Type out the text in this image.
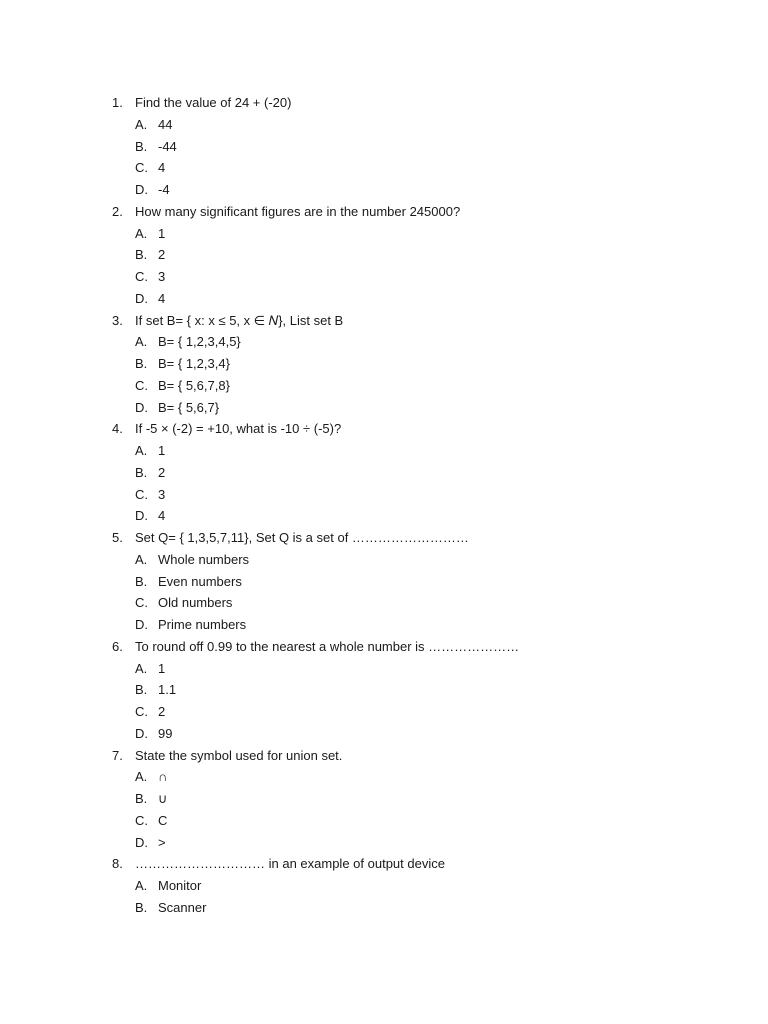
1. Find the value of 24 + (-20)
A. 44
B. -44
C. 4
D. -4
2. How many significant figures are in the number 245000?
A. 1
B. 2
C. 3
D. 4
3. If set B= { x: x ≤ 5, x ∈ 𝑁}, List set B
A. B= { 1,2,3,4,5}
B. B= { 1,2,3,4}
C. B= { 5,6,7,8}
D. B= { 5,6,7}
4. If -5 × (-2) = +10, what is -10 ÷ (-5)?
A. 1
B. 2
C. 3
D. 4
5. Set Q= { 1,3,5,7,11}, Set Q is a set of ………………………
A. Whole numbers
B. Even numbers
C. Old numbers
D. Prime numbers
6. To round off 0.99 to the nearest a whole number is …………………
A. 1
B. 1.1
C. 2
D. 99
7. State the symbol used for union set.
A. ∩
B. ∪
C. C
D. >
8. ………………………… in an example of output device
A. Monitor
B. Scanner
